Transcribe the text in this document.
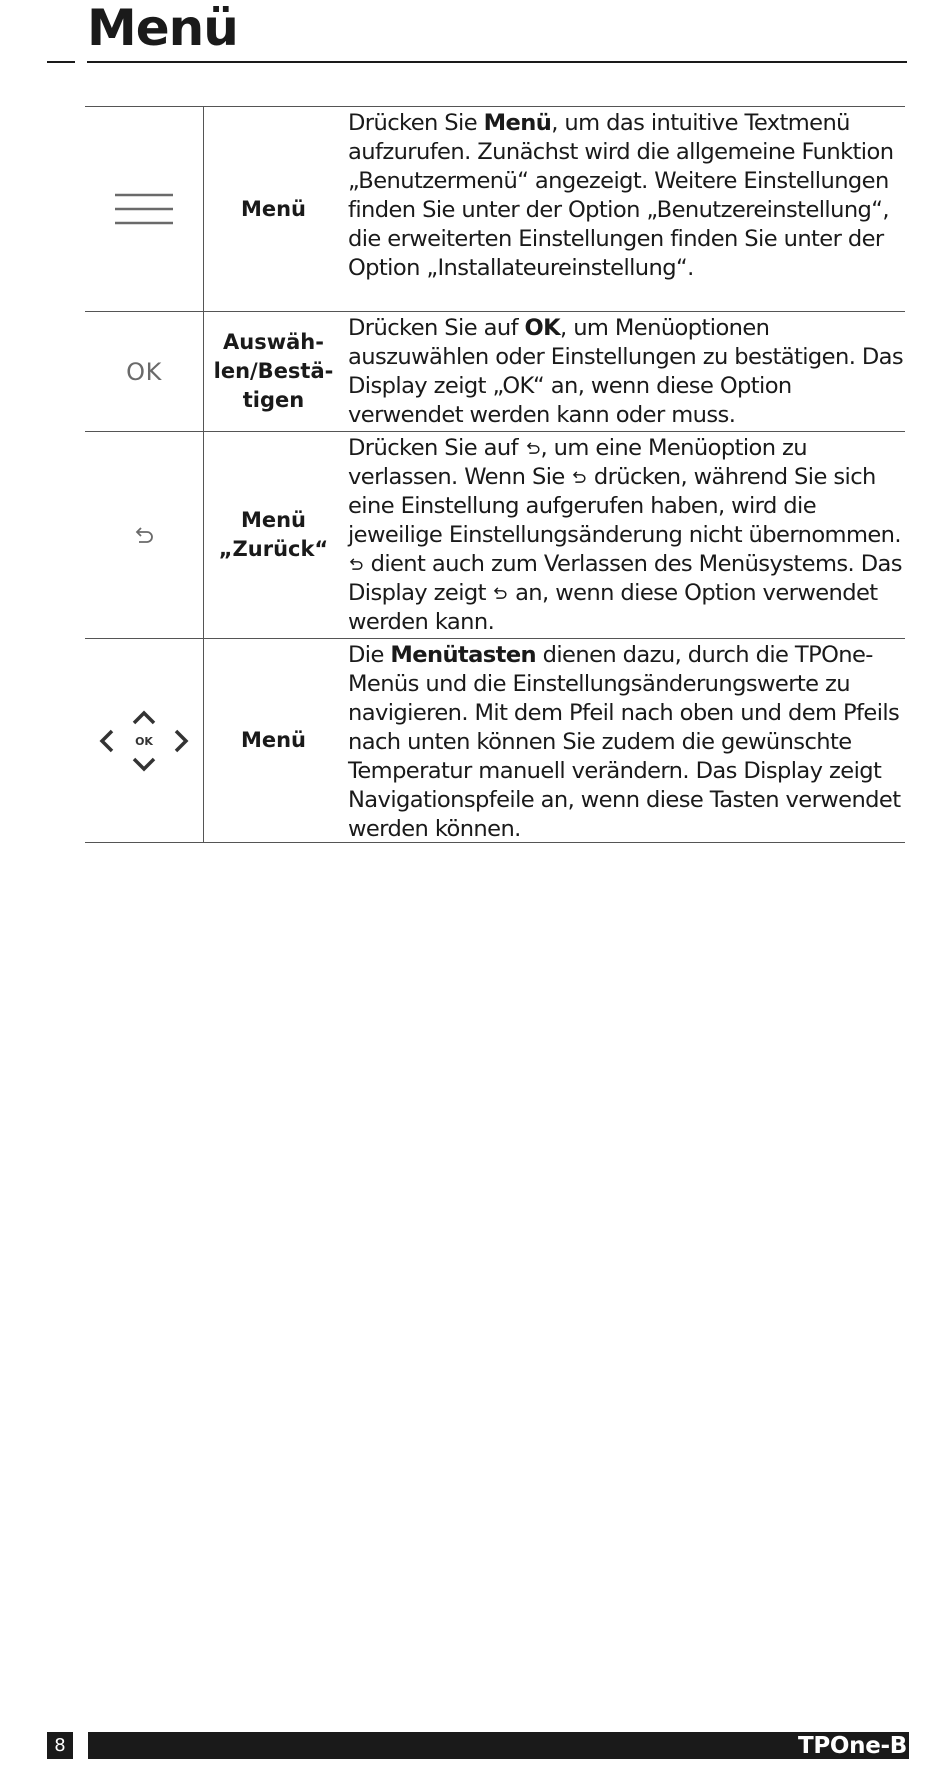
Menü
Menü
Drücken Sie Menü, um das intuitive Textmenü aufzurufen. Zunächst wird die allgemeine Funktion „Benutzermenü“ angezeigt. Weitere Einstellungen finden Sie unter der Option „Benutzereinstellung“, die erweiterten Einstellungen finden Sie unter der Option „Installateureinstellung“.
OK
Auswäh-
len/Bestä-
tigen
Drücken Sie auf OK, um Menüoptionen auszuwählen oder Einstellungen zu bestätigen. Das Display zeigt „OK“ an, wenn diese Option verwendet werden kann oder muss.
Menü
„Zurück“
Drücken Sie auf , um eine Menüoption zu verlassen. Wenn Sie  drücken, während Sie sich eine Einstellung aufgerufen haben, wird die jeweilige Einstellungsänderung nicht übernommen.  dient auch zum Verlassen des Menüsystems. Das Display zeigt  an, wenn diese Option verwendet werden kann.
OK	Menü
Die Menütasten dienen dazu, durch die TPOne-Menüs und die Einstellungsänderungswerte zu navigieren. Mit dem Pfeil nach oben und dem Pfeils nach unten können Sie zudem die gewünschte Temperatur manuell verändern. Das Display zeigt Navigationspfeile an, wenn diese Tasten verwendet werden können.
8	TPOne-B
